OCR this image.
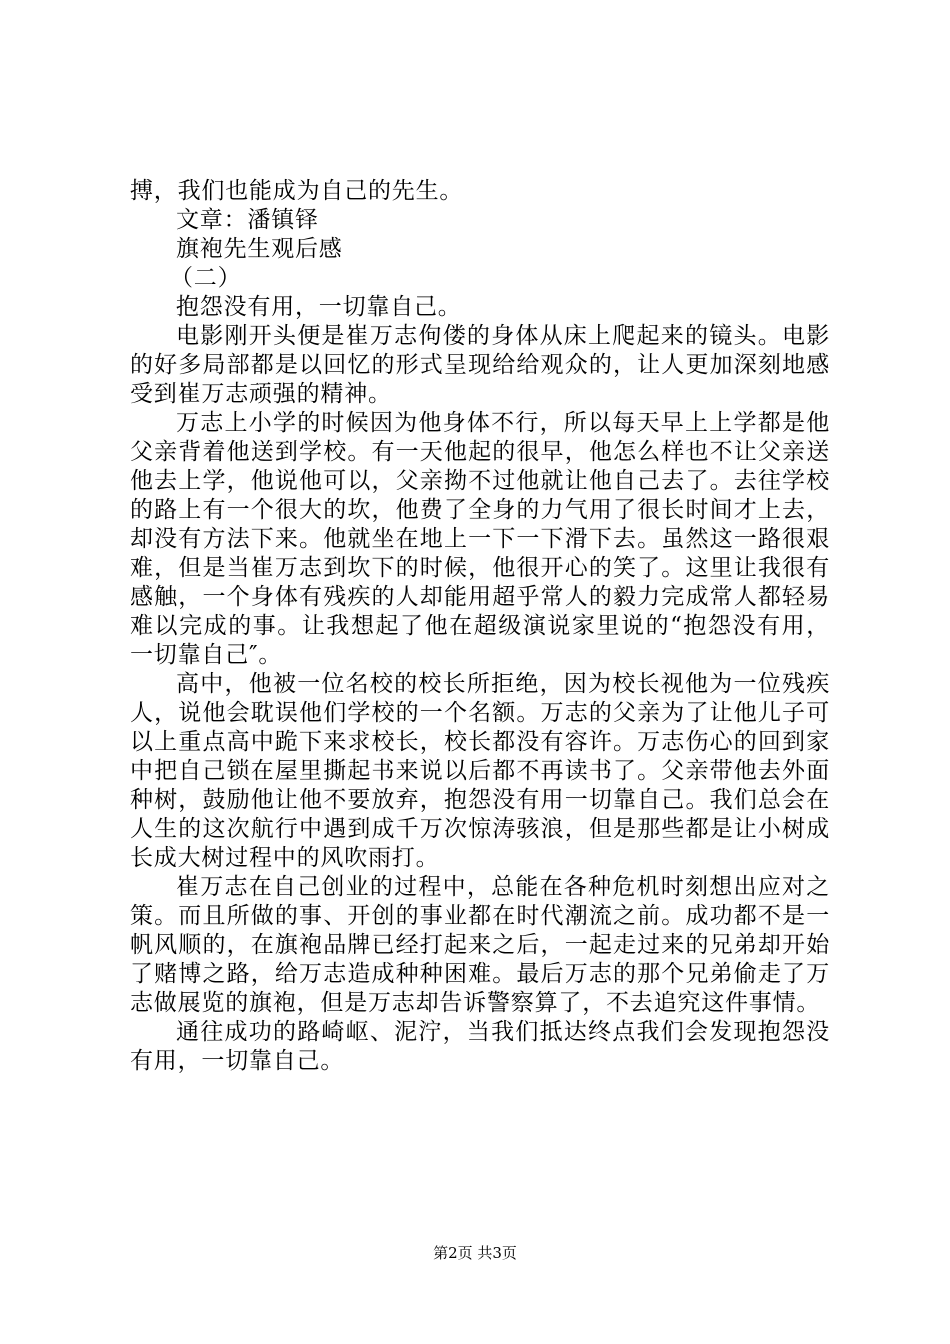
搏，我们也能成为自己的先生。
文章：潘镇铎
旗袍先生观后感
（二）
抱怨没有用，一切靠自己。

电影刚开头便是崔万志佝偻的身体从床上爬起来的镜头。电影的好多局部都是以回忆的形式呈现给给观众的，让人更加深刻地感受到崔万志顽强的精神。

万志上小学的时候因为他身体不行，所以每天早上上学都是他父亲背着他送到学校。有一天他起的很早，他怎么样也不让父亲送他去上学，他说他可以，父亲拗不过他就让他自己去了。去往学校的路上有一个很大的坎，他费了全身的力气用了很长时间才上去，却没有方法下来。他就坐在地上一下一下滑下去。虽然这一路很艰难，但是当崔万志到坎下的时候，他很开心的笑了。这里让我很有感触，一个身体有残疾的人却能用超乎常人的毅力完成常人都轻易难以完成的事。让我想起了他在超级演说家里说的“抱怨没有用，一切靠自己″。

高中，他被一位名校的校长所拒绝，因为校长视他为一位残疾人，说他会耽误他们学校的一个名额。万志的父亲为了让他儿子可以上重点高中跪下来求校长，校长都没有容许。万志伤心的回到家中把自己锁在屋里撕起书来说以后都不再读书了。父亲带他去外面种树，鼓励他让他不要放弃，抱怨没有用一切靠自己。我们总会在人生的这次航行中遇到成千万次惊涛骇浪，但是那些都是让小树成长成大树过程中的风吹雨打。

崔万志在自己创业的过程中，总能在各种危机时刻想出应对之策。而且所做的事、开创的事业都在时代潮流之前。成功都不是一帆风顺的，在旗袍品牌已经打起来之后，一起走过来的兄弟却开始了赌博之路，给万志造成种种困难。最后万志的那个兄弟偷走了万志做展览的旗袍，但是万志却告诉警察算了，不去追究这件事情。

通往成功的路崎岖、泥泞，当我们抵达终点我们会发现抱怨没有用，一切靠自己。

第2页 共3页
